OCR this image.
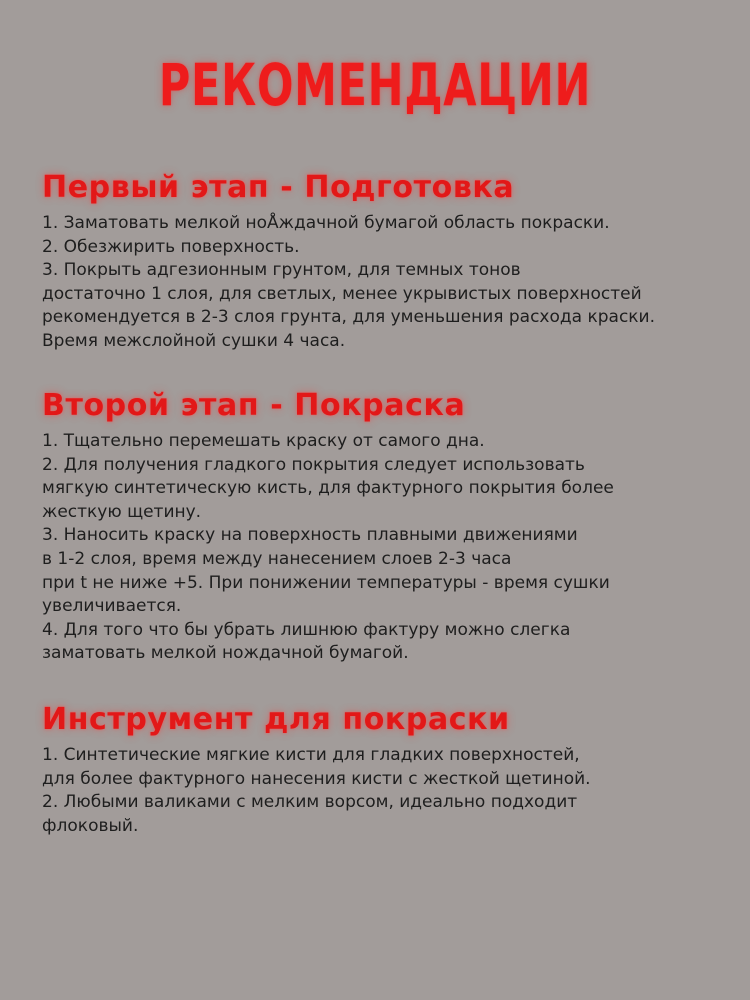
РЕКОМЕНДАЦИИ
Первый этап - Подготовка
1. Заматовать мелкой ноÅждачной бумагой область покраски.
2. Обезжирить поверхность.
3. Покрыть адгезионным грунтом, для темных тонов
достаточно 1 слоя, для светлых, менее укрывистых поверхностей
рекомендуется в 2-3 слоя грунта, для уменьшения расхода краски.
Время межслойной сушки 4 часа.
Второй этап - Покраска
1. Тщательно перемешать краску от самого дна.
2. Для получения гладкого покрытия следует использовать
мягкую синтетическую кисть, для фактурного покрытия более
жесткую щетину.
3. Наносить краску на поверхность плавными движениями
в 1-2 слоя, время между нанесением слоев 2-3 часа
при t не ниже +5. При понижении температуры - время сушки
увеличивается.
4. Для того что бы убрать лишнюю фактуру можно слегка
заматовать мелкой нождачной бумагой.
Инструмент для покраски
1. Синтетические мягкие кисти для гладких поверхностей,
для более фактурного нанесения кисти с жесткой щетиной.
2. Любыми валиками с мелким ворсом, идеально подходит
флоковый.
